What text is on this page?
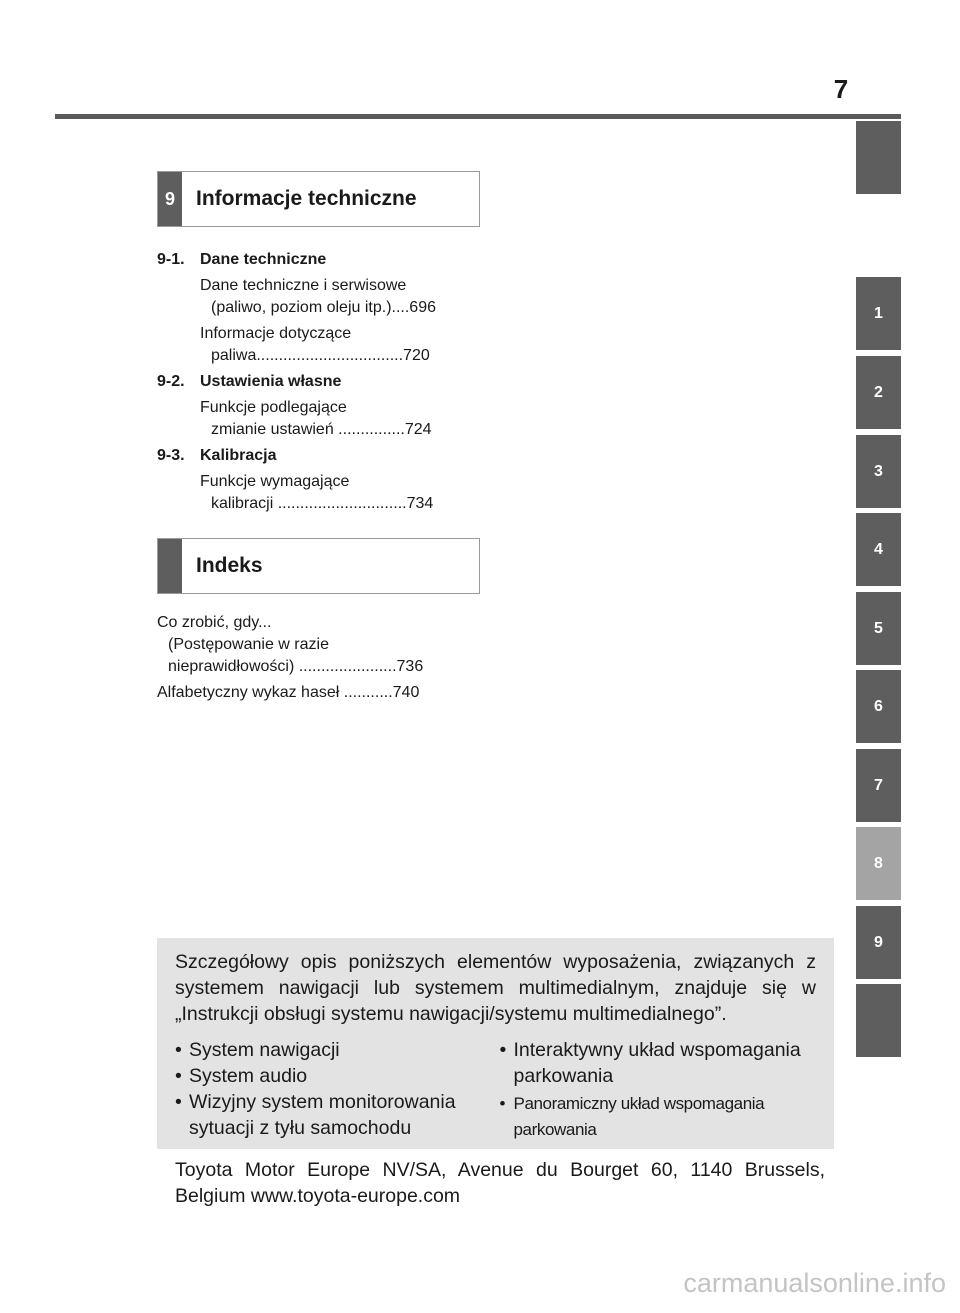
7
1
2
3
4
5
6
7
8
9
9	Informacje techniczne
9-1. Dane techniczne
Dane techniczne i serwisowe
(paliwo, poziom oleju itp.)....696
Informacje dotyczące
paliwa.................................720
9-2. Ustawienia własne
Funkcje podlegające
zmianie ustawień ...............724
9-3. Kalibracja
Funkcje wymagające
kalibracji .............................734
Indeks
Co zrobić, gdy...
(Postępowanie w razie
nieprawidłowości) ......................736
Alfabetyczny wykaz haseł ...........740
Szczegółowy opis poniższych elementów wyposażenia, związanych z systemem nawigacji lub systemem multimedialnym, znajduje się w „Instrukcji obsługi systemu nawigacji/systemu multimedialnego”.
• System nawigacji
• System audio
• Wizyjny system monitorowania sytuacji z tyłu samochodu
• Interaktywny układ wspomagania parkowania
• Panoramiczny układ wspomagania parkowania
Toyota Motor Europe NV/SA, Avenue du Bourget 60, 1140 Brussels, Belgium www.toyota-europe.com
carmanualsonline.info
